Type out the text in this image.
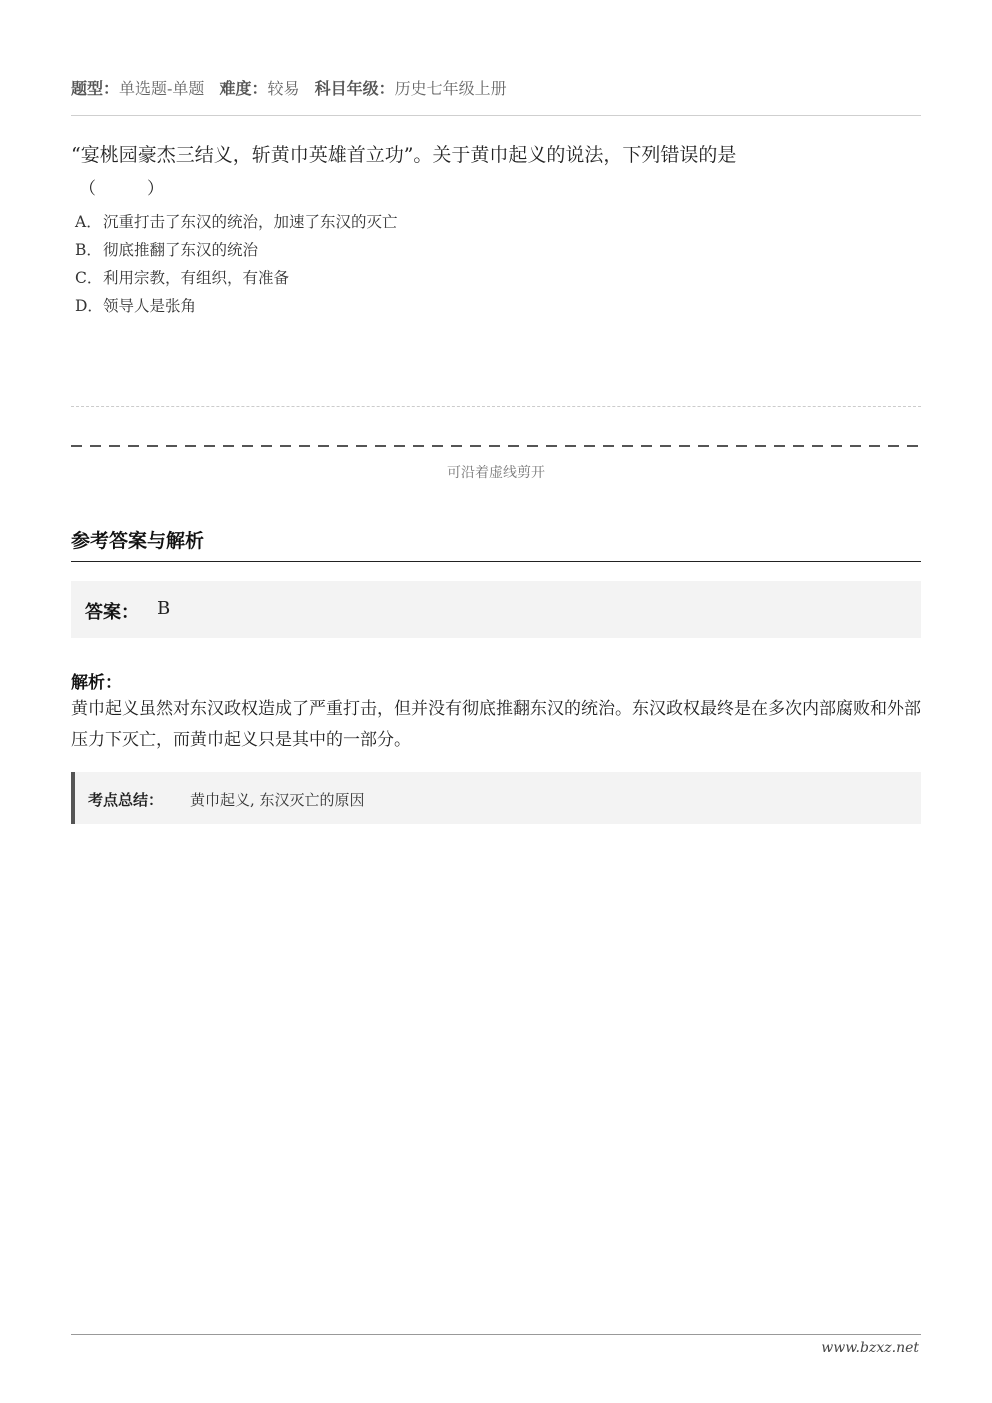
题型：单选题-单题 难度：较易 科目年级：历史七年级上册
“宴桃园豪杰三结义，斩黄巾英雄首立功”。关于黄巾起义的说法，下列错误的是
（　　　）
A．沉重打击了东汉的统治，加速了东汉的灭亡
B．彻底推翻了东汉的统治
C．利用宗教，有组织，有准备
D．领导人是张角
可沿着虚线剪开
参考答案与解析
答案： B
解析：
黄巾起义虽然对东汉政权造成了严重打击，但并没有彻底推翻东汉的统治。东汉政权最终是在多次内部腐败和外部压力下灭亡，而黄巾起义只是其中的一部分。
考点总结： 黄巾起义, 东汉灭亡的原因
www.bzxz.net
